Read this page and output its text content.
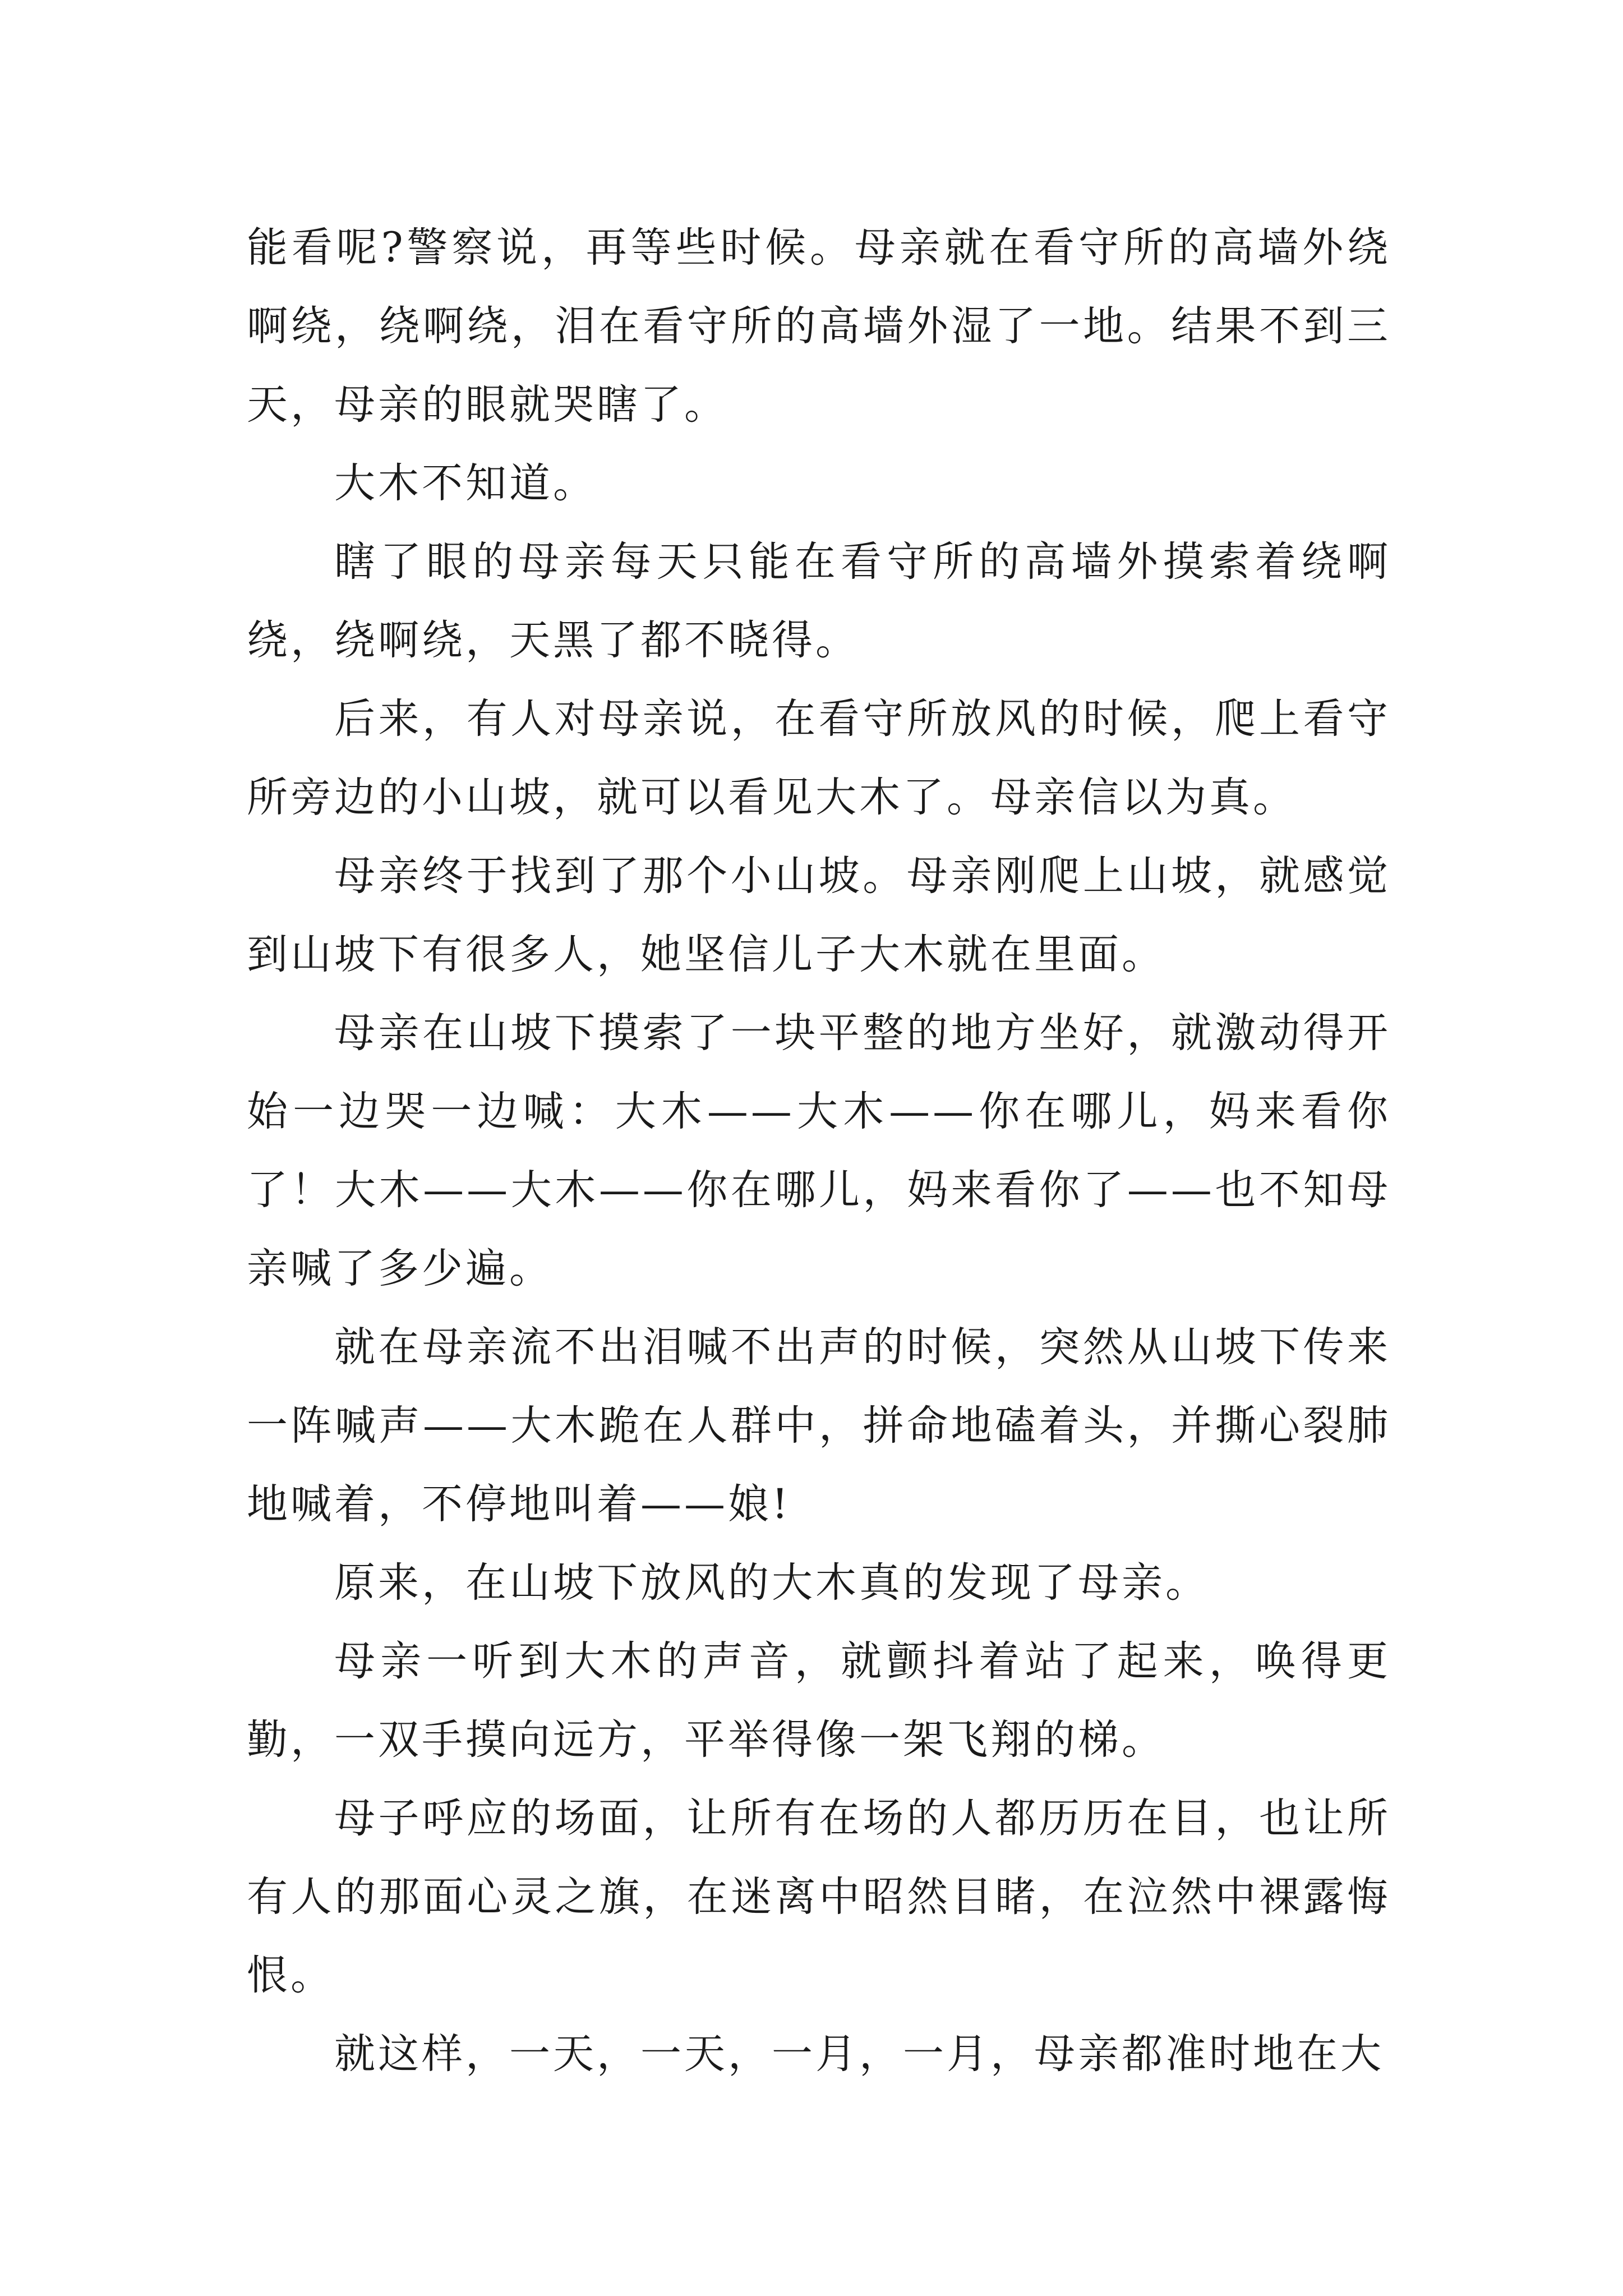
能看呢?警察说，再等些时候。母亲就在看守所的高墙外绕啊绕，绕啊绕，泪在看守所的高墙外湿了一地。结果不到三天，母亲的眼就哭瞎了。

大木不知道。

瞎了眼的母亲每天只能在看守所的高墙外摸索着绕啊绕，绕啊绕，天黑了都不晓得。

后来，有人对母亲说，在看守所放风的时候，爬上看守所旁边的小山坡，就可以看见大木了。母亲信以为真。

母亲终于找到了那个小山坡。母亲刚爬上山坡，就感觉到山坡下有很多人，她坚信儿子大木就在里面。

母亲在山坡下摸索了一块平整的地方坐好，就激动得开始一边哭一边喊：大木——大木——你在哪儿，妈来看你了！大木——大木——你在哪儿，妈来看你了——也不知母亲喊了多少遍。

就在母亲流不出泪喊不出声的时候，突然从山坡下传来一阵喊声——大木跪在人群中，拼命地磕着头，并撕心裂肺地喊着，不停地叫着——娘!

原来，在山坡下放风的大木真的发现了母亲。

母亲一听到大木的声音，就颤抖着站了起来，唤得更勤，一双手摸向远方，平举得像一架飞翔的梯。

母子呼应的场面，让所有在场的人都历历在目，也让所有人的那面心灵之旗，在迷离中昭然目睹，在泣然中裸露悔恨。

就这样，一天，一天，一月，一月，母亲都准时地在大
